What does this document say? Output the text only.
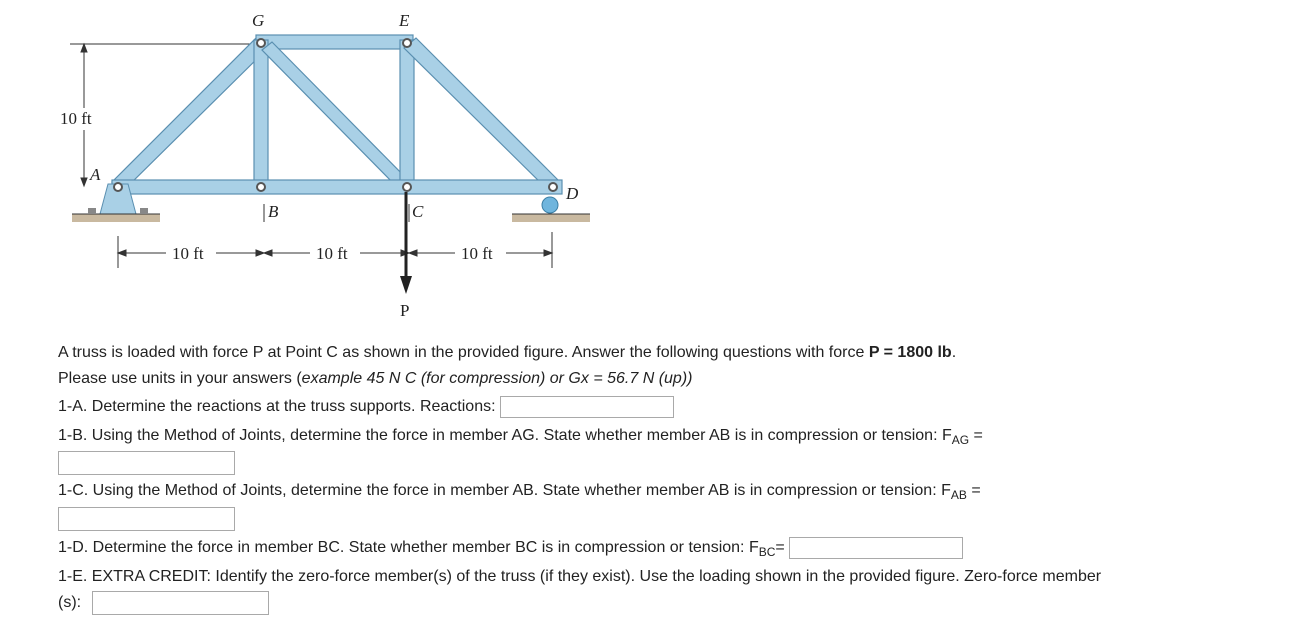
10 ft
G	E
A
B	C
D
10 ft	10 ft	10 ft
P
A truss is loaded with force P at Point C as shown in the provided figure. Answer the following questions with force P = 1800 lb.
Please use units in your answers (example 45 N C (for compression) or Gx = 56.7 N (up))
1-A. Determine the reactions at the truss supports. Reactions:
1-B. Using the Method of Joints, determine the force in member AG. State whether member AB is in compression or tension: $F_{AG}$ =
1-C. Using the Method of Joints, determine the force in member AB. State whether member AB is in compression or tension: $F_{AB}$ =
1-D. Determine the force in member BC. State whether member BC is in compression or tension: $F_{BC}=$
1-E. EXTRA CREDIT: Identify the zero-force member(s) of the truss (if they exist). Use the loading shown in the provided figure. Zero-force member
(s):
